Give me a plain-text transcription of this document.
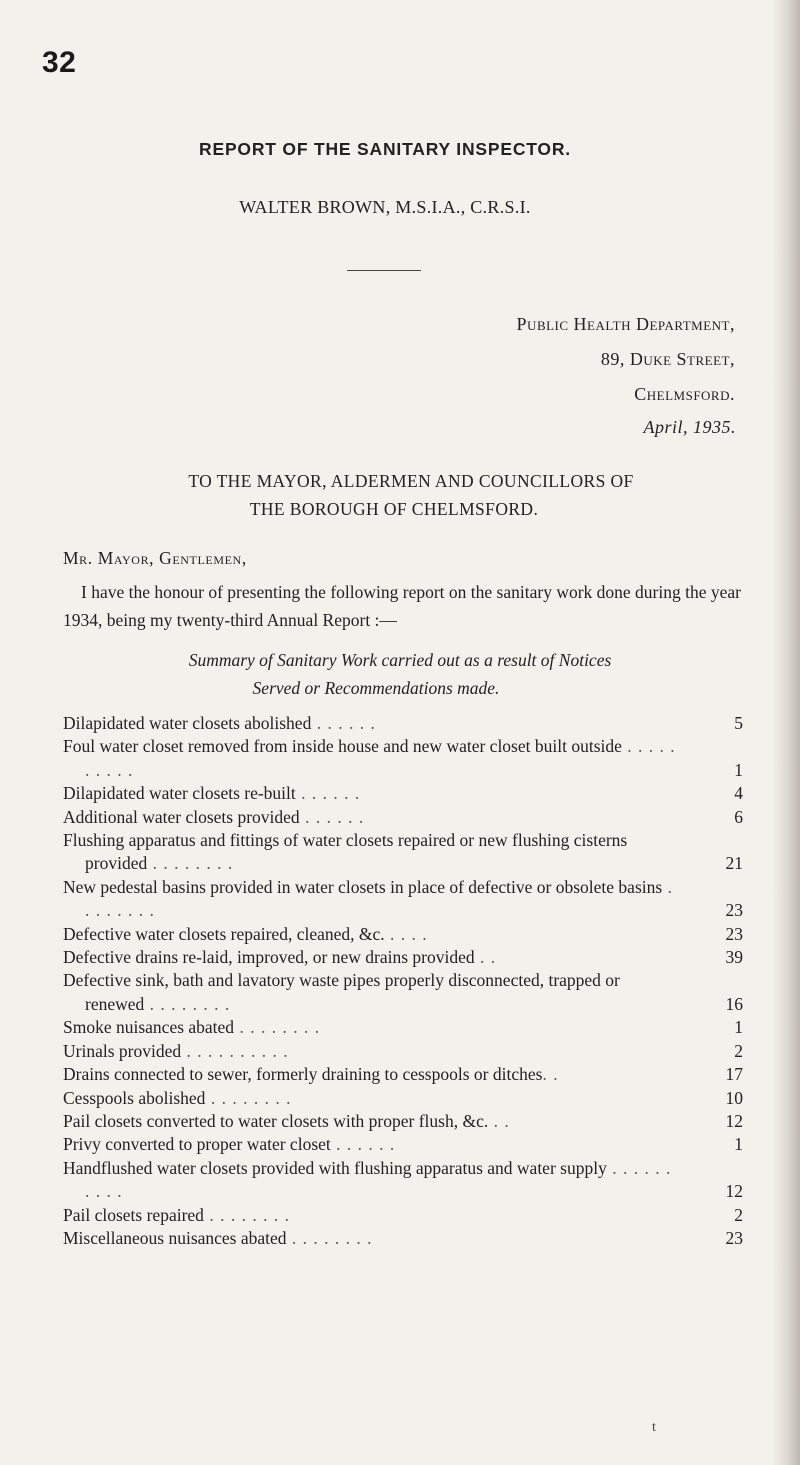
32
REPORT OF THE SANITARY INSPECTOR.
WALTER BROWN, M.S.I.A., C.R.S.I.
Public Health Department,
89, Duke Street,
Chelmsford.
April, 1935.
TO THE MAYOR, ALDERMEN AND COUNCILLORS OF
THE BOROUGH OF CHELMSFORD.
Mr. Mayor, Gentlemen,
I have the honour of presenting the following report on the sanitary work done during the year 1934, being my twenty-third Annual Report :—
Summary of Sanitary Work carried out as a result of Notices
Served or Recommendations made.
Dilapidated water closets abolished . . . . . .	5
Foul water closet removed from inside house and new water closet built outside . . . . . . . . . .	1
Dilapidated water closets re-built . . . . . .	4
Additional water closets provided . . . . . .	6
Flushing apparatus and fittings of water closets repaired or new flushing cisterns provided . . . . . . . .	21
New pedestal basins provided in water closets in place of defective or obsolete basins . . . . . . . .	23
Defective water closets repaired, cleaned, &c. . . . .	23
Defective drains re-laid, improved, or new drains provided . .	39
Defective sink, bath and lavatory waste pipes properly disconnected, trapped or renewed . . . . . . . .	16
Smoke nuisances abated . . . . . . . .	1
Urinals provided . . . . . . . . . .	2
Drains connected to sewer, formerly draining to cesspools or ditches. .	17
Cesspools abolished . . . . . . . .	10
Pail closets converted to water closets with proper flush, &c. . .	12
Privy converted to proper water closet . . . . . .	1
Handflushed water closets provided with flushing apparatus and water supply . . . . . . . . . .	12
Pail closets repaired . . . . . . . .	2
Miscellaneous nuisances abated . . . . . . . .	23
t
